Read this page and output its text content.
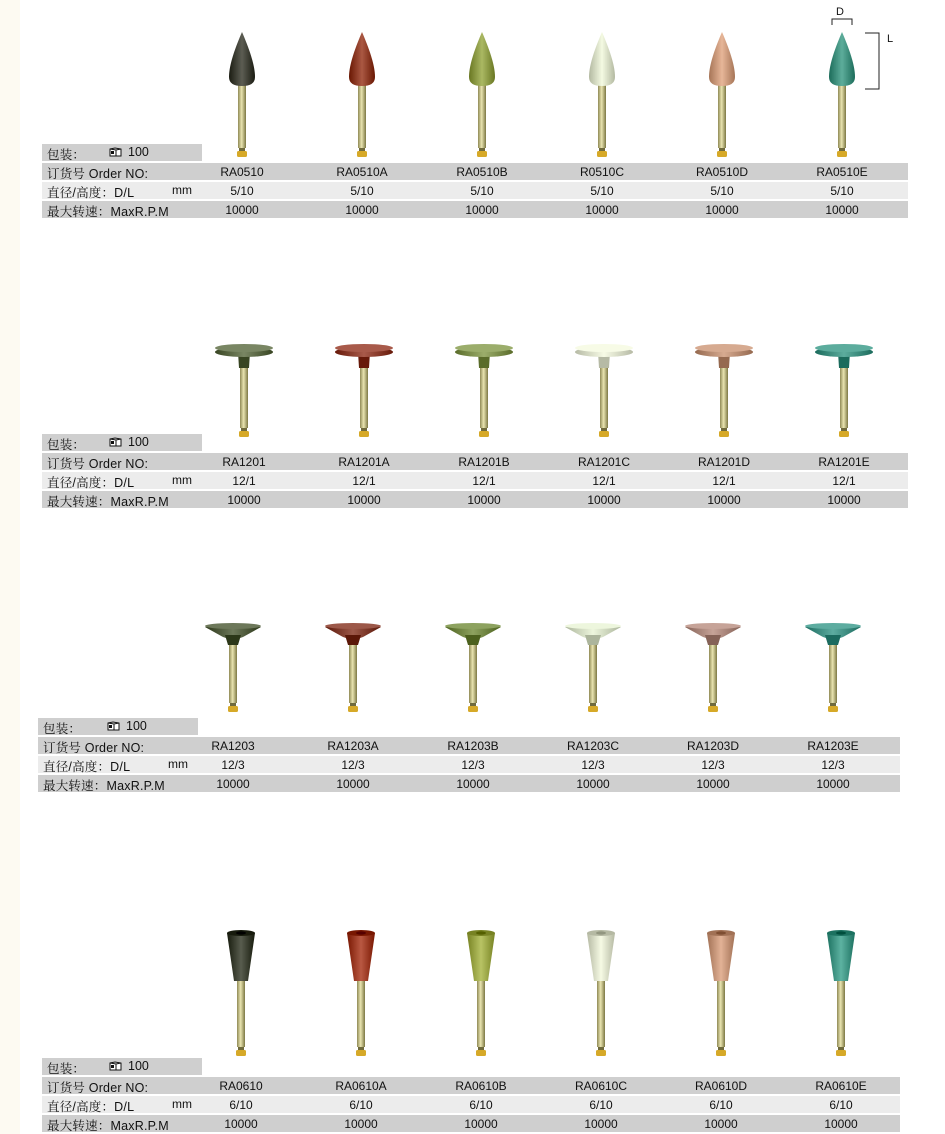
D
L
包装：	100
订货号 Order NO:	RA0510	RA0510A	RA0510B	R0510C	RA0510D	RA0510E
直径/高度：D/L	mm	5/10	5/10	5/10	5/10	5/10	5/10
最大转速：MaxR.P.M	10000	10000	10000	10000	10000	10000
包装：	100
订货号 Order NO:	RA1201	RA1201A	RA1201B	RA1201C	RA1201D	RA1201E
直径/高度：D/L	mm	12/1	12/1	12/1	12/1	12/1	12/1
最大转速：MaxR.P.M	10000	10000	10000	10000	10000	10000
包装：	100
订货号 Order NO:	RA1203	RA1203A	RA1203B	RA1203C	RA1203D	RA1203E
直径/高度：D/L	mm	12/3	12/3	12/3	12/3	12/3	12/3
最大转速：MaxR.P.M	10000	10000	10000	10000	10000	10000
包装：	100
订货号 Order NO:	RA0610	RA0610A	RA0610B	RA0610C	RA0610D	RA0610E
直径/高度：D/L	mm	6/10	6/10	6/10	6/10	6/10	6/10
最大转速：MaxR.P.M	10000	10000	10000	10000	10000	10000
